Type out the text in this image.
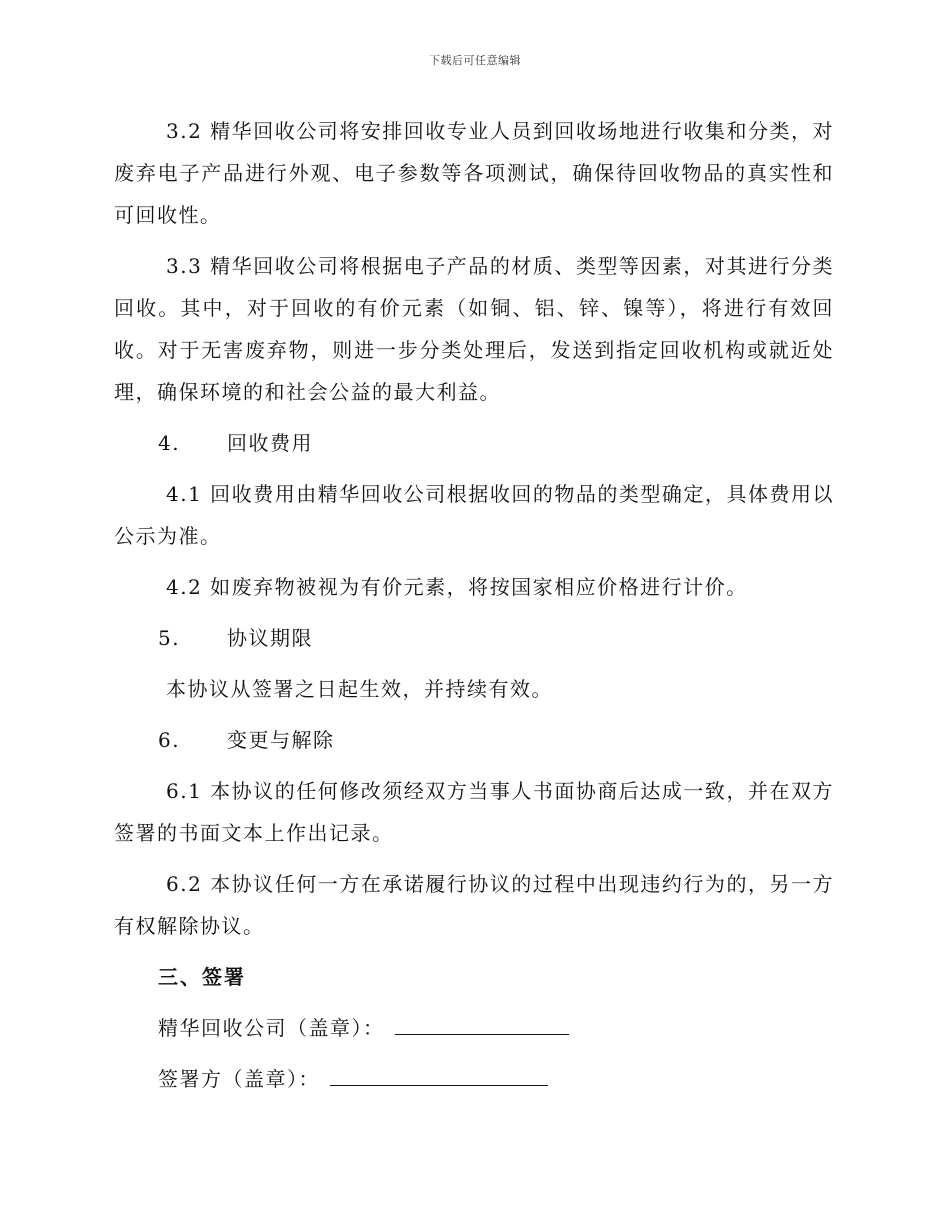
下载后可任意编辑

3.2 精华回收公司将安排回收专业人员到回收场地进行收集和分类，对废弃电子产品进行外观、电子参数等各项测试，确保待回收物品的真实性和可回收性。

3.3 精华回收公司将根据电子产品的材质、类型等因素，对其进行分类回收。其中，对于回收的有价元素（如铜、铝、锌、镍等），将进行有效回收。对于无害废弃物，则进一步分类处理后，发送到指定回收机构或就近处理，确保环境的和社会公益的最大利益。

4.	回收费用

4.1 回收费用由精华回收公司根据收回的物品的类型确定，具体费用以公示为准。

4.2 如废弃物被视为有价元素，将按国家相应价格进行计价。

5.	协议期限

本协议从签署之日起生效，并持续有效。

6.	变更与解除

6.1 本协议的任何修改须经双方当事人书面协商后达成一致，并在双方签署的书面文本上作出记录。

6.2 本协议任何一方在承诺履行协议的过程中出现违约行为的，另一方有权解除协议。

三、签署
精华回收公司（盖章）：
签署方（盖章）：
